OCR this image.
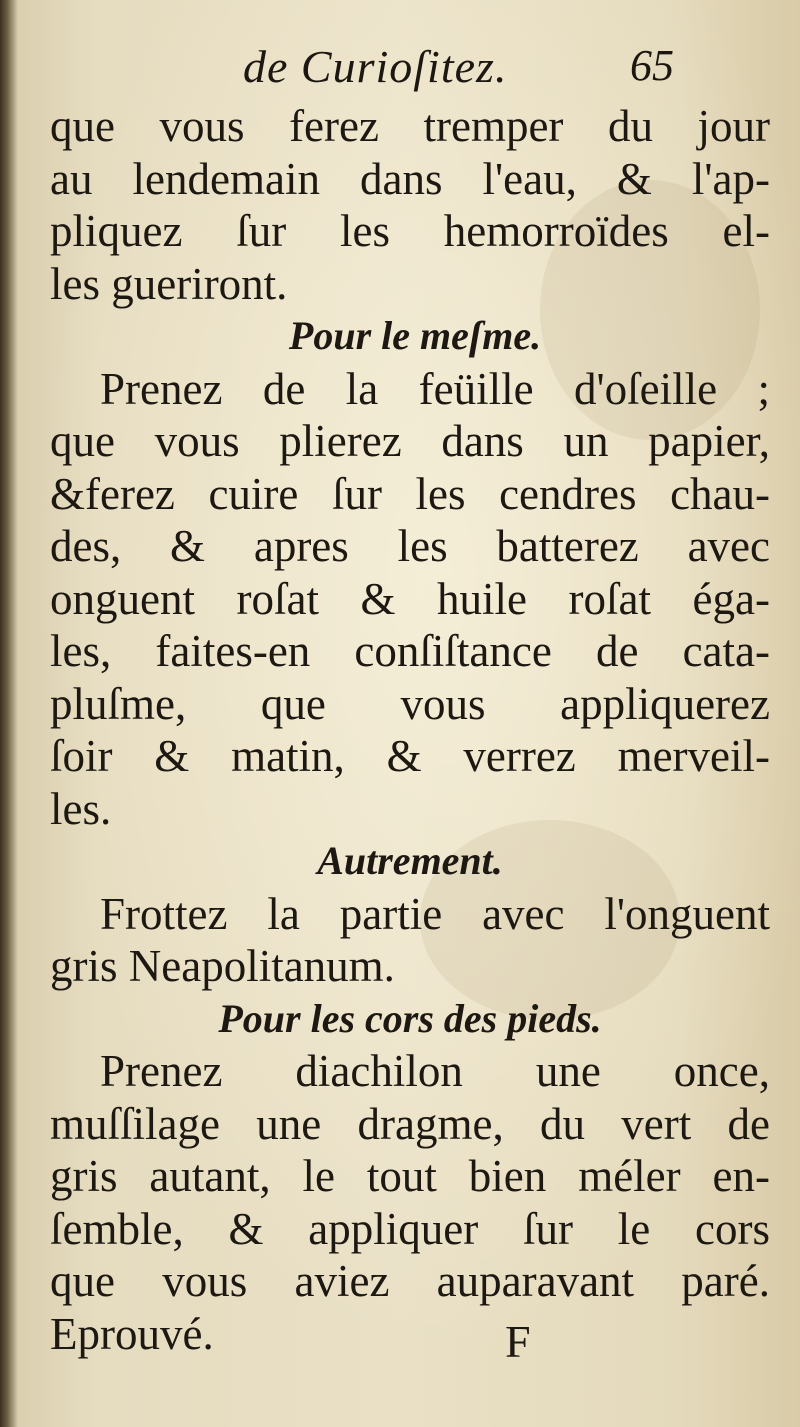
de Curioſitez.	65
que vous ferez tremper du jour
au lendemain dans l'eau, & l'ap-
pliquez ſur les hemorroïdes el-
les gueriront.
Pour le meſme.
Prenez de la feüille d'oſeille ;
que vous plierez dans un papier,
&ferez cuire ſur les cendres chau-
des, & apres les batterez avec
onguent roſat & huile roſat éga-
les, faites-en conſiſtance de cata-
pluſme, que vous appliquerez
ſoir & matin, & verrez merveil-
les.
Autrement.
Frottez la partie avec l'onguent
gris Neapolitanum.
Pour les cors des pieds.
Prenez diachilon une once,
muſſilage une dragme, du vert de
gris autant, le tout bien méler en-
ſemble, & appliquer ſur le cors
que vous aviez auparavant paré.
Eprouvé.	F
